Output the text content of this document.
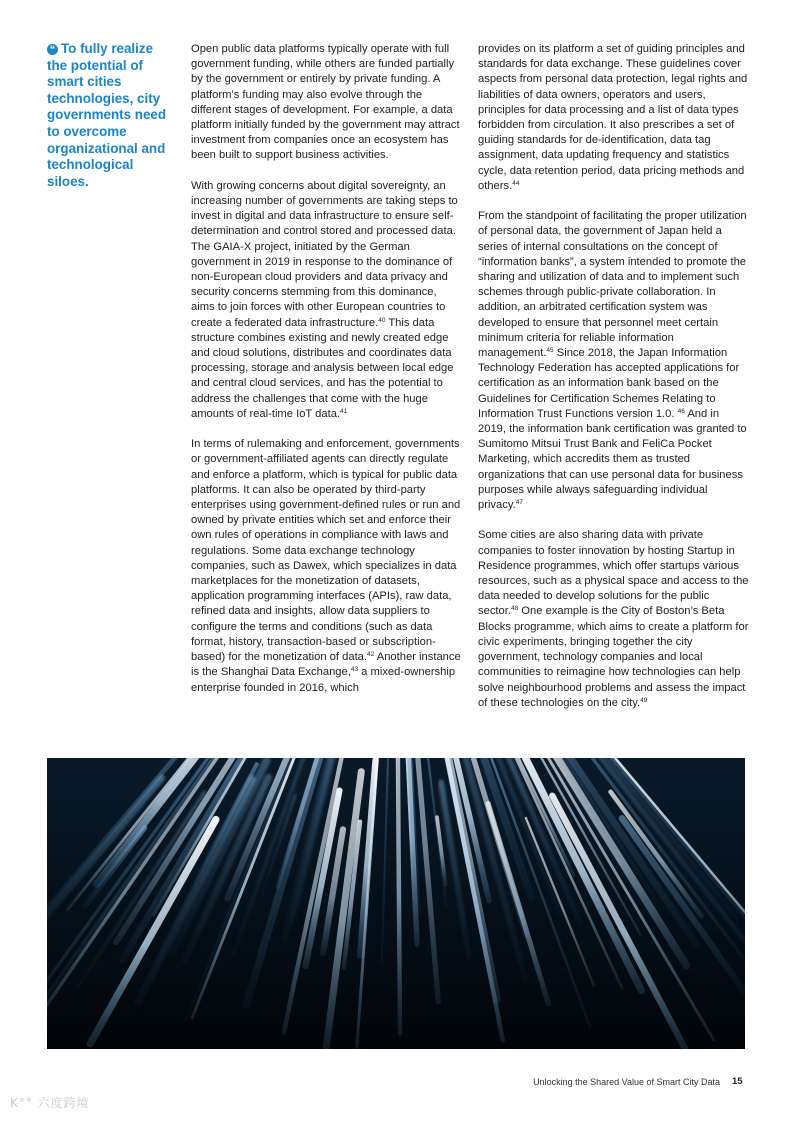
❝ To fully realize the potential of smart cities technologies, city governments need to overcome organizational and technological siloes.

Open public data platforms typically operate with full government funding, while others are funded partially by the government or entirely by private funding. A platform’s funding may also evolve through the different stages of development. For example, a data platform initially funded by the government may attract investment from companies once an ecosystem has been built to support business activities.

With growing concerns about digital sovereignty, an increasing number of governments are taking steps to invest in digital and data infrastructure to ensure self-determination and control stored and processed data. The GAIA-X project, initiated by the German government in 2019 in response to the dominance of non-European cloud providers and data privacy and security concerns stemming from this dominance, aims to join forces with other European countries to create a federated data infrastructure.$^{40}$ This data structure combines existing and newly created edge and cloud solutions, distributes and coordinates data processing, storage and analysis between local edge and central cloud services, and has the potential to address the challenges that come with the huge amounts of real-time IoT data.$^{41}$

In terms of rulemaking and enforcement, governments or government-affiliated agents can directly regulate and enforce a platform, which is typical for public data platforms. It can also be operated by third-party enterprises using government-defined rules or run and owned by private entities which set and enforce their own rules of operations in compliance with laws and regulations. Some data exchange technology companies, such as Dawex, which specializes in data marketplaces for the monetization of datasets, application programming interfaces (APIs), raw data, refined data and insights, allow data suppliers to configure the terms and conditions (such as data format, history, transaction-based or subscription-based) for the monetization of data.$^{42}$ Another instance is the Shanghai Data Exchange,$^{43}$ a mixed-ownership enterprise founded in 2016, which

provides on its platform a set of guiding principles and standards for data exchange. These guidelines cover aspects from personal data protection, legal rights and liabilities of data owners, operators and users, principles for data processing and a list of data types forbidden from circulation. It also prescribes a set of guiding standards for de-identification, data tag assignment, data updating frequency and statistics cycle, data retention period, data pricing methods and others.$^{44}$

From the standpoint of facilitating the proper utilization of personal data, the government of Japan held a series of internal consultations on the concept of “information banks”, a system intended to promote the sharing and utilization of data and to implement such schemes through public-private collaboration. In addition, an arbitrated certification system was developed to ensure that personnel meet certain minimum criteria for reliable information management.$^{45}$ Since 2018, the Japan Information Technology Federation has accepted applications for certification as an information bank based on the Guidelines for Certification Schemes Relating to Information Trust Functions version 1.0. $^{46}$ And in 2019, the information bank certification was granted to Sumitomo Mitsui Trust Bank and FeliCa Pocket Marketing, which accredits them as trusted organizations that can use personal data for business purposes while always safeguarding individual privacy.$^{47}$

Some cities are also sharing data with private companies to foster innovation by hosting Startup in Residence programmes, which offer startups various resources, such as a physical space and access to the data needed to develop solutions for the public sector.$^{48}$ One example is the City of Boston’s Beta Blocks programme, which aims to create a platform for civic experiments, bringing together the city government, technology companies and local communities to reimagine how technologies can help solve neighbourhood problems and assess the impact of these technologies on the city.$^{49}$

Unlocking the Shared Value of Smart City Data 15
K°° 六度跨境
